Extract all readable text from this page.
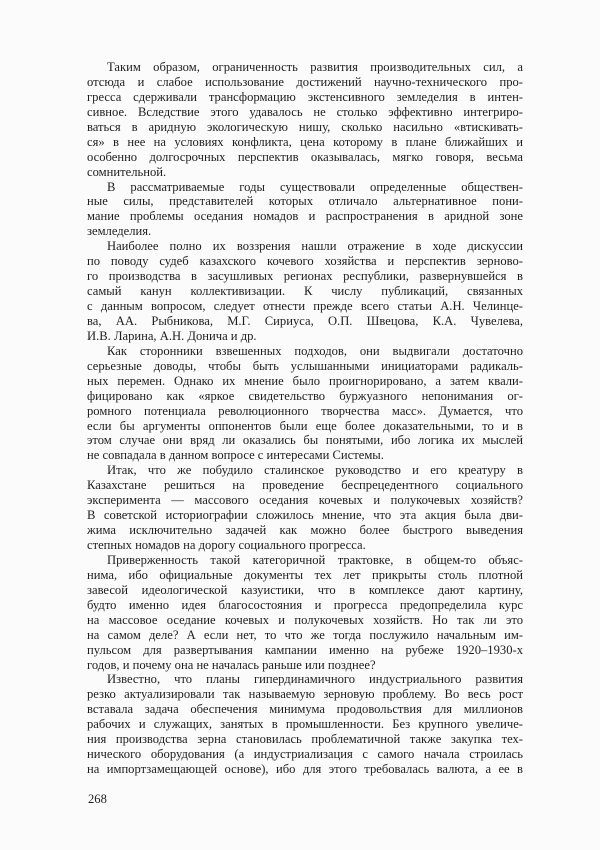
Таким образом, ограниченность развития производительных сил, а
отсюда и слабое использование достижений научно-технического про-
гресса сдерживали трансформацию экстенсивного земледелия в интен-
сивное. Вследствие этого удавалось не столько эффективно интегриро-
ваться в аридную экологическую нишу, сколько насильно «втискивать-
ся» в нее на условиях конфликта, цена которому в плане ближайших и
особенно долгосрочных перспектив оказывалась, мягко говоря, весьма
сомнительной.
В рассматриваемые годы существовали определенные обществен-
ные силы, представителей которых отличало альтернативное пони-
мание проблемы оседания номадов и распространения в аридной зоне
земледелия.
Наиболее полно их воззрения нашли отражение в ходе дискуссии
по поводу судеб казахского кочевого хозяйства и перспектив зерново-
го производства в засушливых регионах республики, развернувшейся в
самый канун коллективизации. К числу публикаций, связанных
с данным вопросом, следует отнести прежде всего статьи А.Н. Челинце-
ва, АА. Рыбникова, М.Г. Сириуса, О.П. Швецова, К.А. Чувелева,
И.В. Ларина, А.Н. Донича и др.
Как сторонники взвешенных подходов, они выдвигали достаточно
серьезные доводы, чтобы быть услышанными инициаторами радикаль-
ных перемен. Однако их мнение было проигнорировано, а затем квали-
фицировано как «яркое свидетельство буржуазного непонимания ог-
ромного потенциала революционного творчества масс». Думается, что
если бы аргументы оппонентов были еще более доказательными, то и в
этом случае они вряд ли оказались бы понятыми, ибо логика их мыслей
не совпадала в данном вопросе с интересами Системы.
Итак, что же побудило сталинское руководство и его креатуру в
Казахстане решиться на проведение беспрецедентного социального
эксперимента — массового оседания кочевых и полукочевых хозяйств?
В советской историографии сложилось мнение, что эта акция была дви-
жима исключительно задачей как можно более быстрого выведения
степных номадов на дорогу социального прогресса.
Приверженность такой категоричной трактовке, в общем-то объяс-
нима, ибо официальные документы тех лет прикрыты столь плотной
завесой идеологической казуистики, что в комплексе дают картину,
будто именно идея благосостояния и прогресса предопределила курс
на массовое оседание кочевых и полукочевых хозяйств. Но так ли это
на самом деле? А если нет, то что же тогда послужило начальным им-
пульсом для развертывания кампании именно на рубеже 1920–1930-х
годов, и почему она не началась раньше или позднее?
Известно, что планы гипердинамичного индустриального развития
резко актуализировали так называемую зерновую проблему. Во весь рост
вставала задача обеспечения минимума продовольствия для миллионов
рабочих и служащих, занятых в промышленности. Без крупного увеличе-
ния производства зерна становилась проблематичной также закупка тех-
нического оборудования (а индустриализация с самого начала строилась
на импортзамещающей основе), ибо для этого требовалась валюта, а ее в
268
